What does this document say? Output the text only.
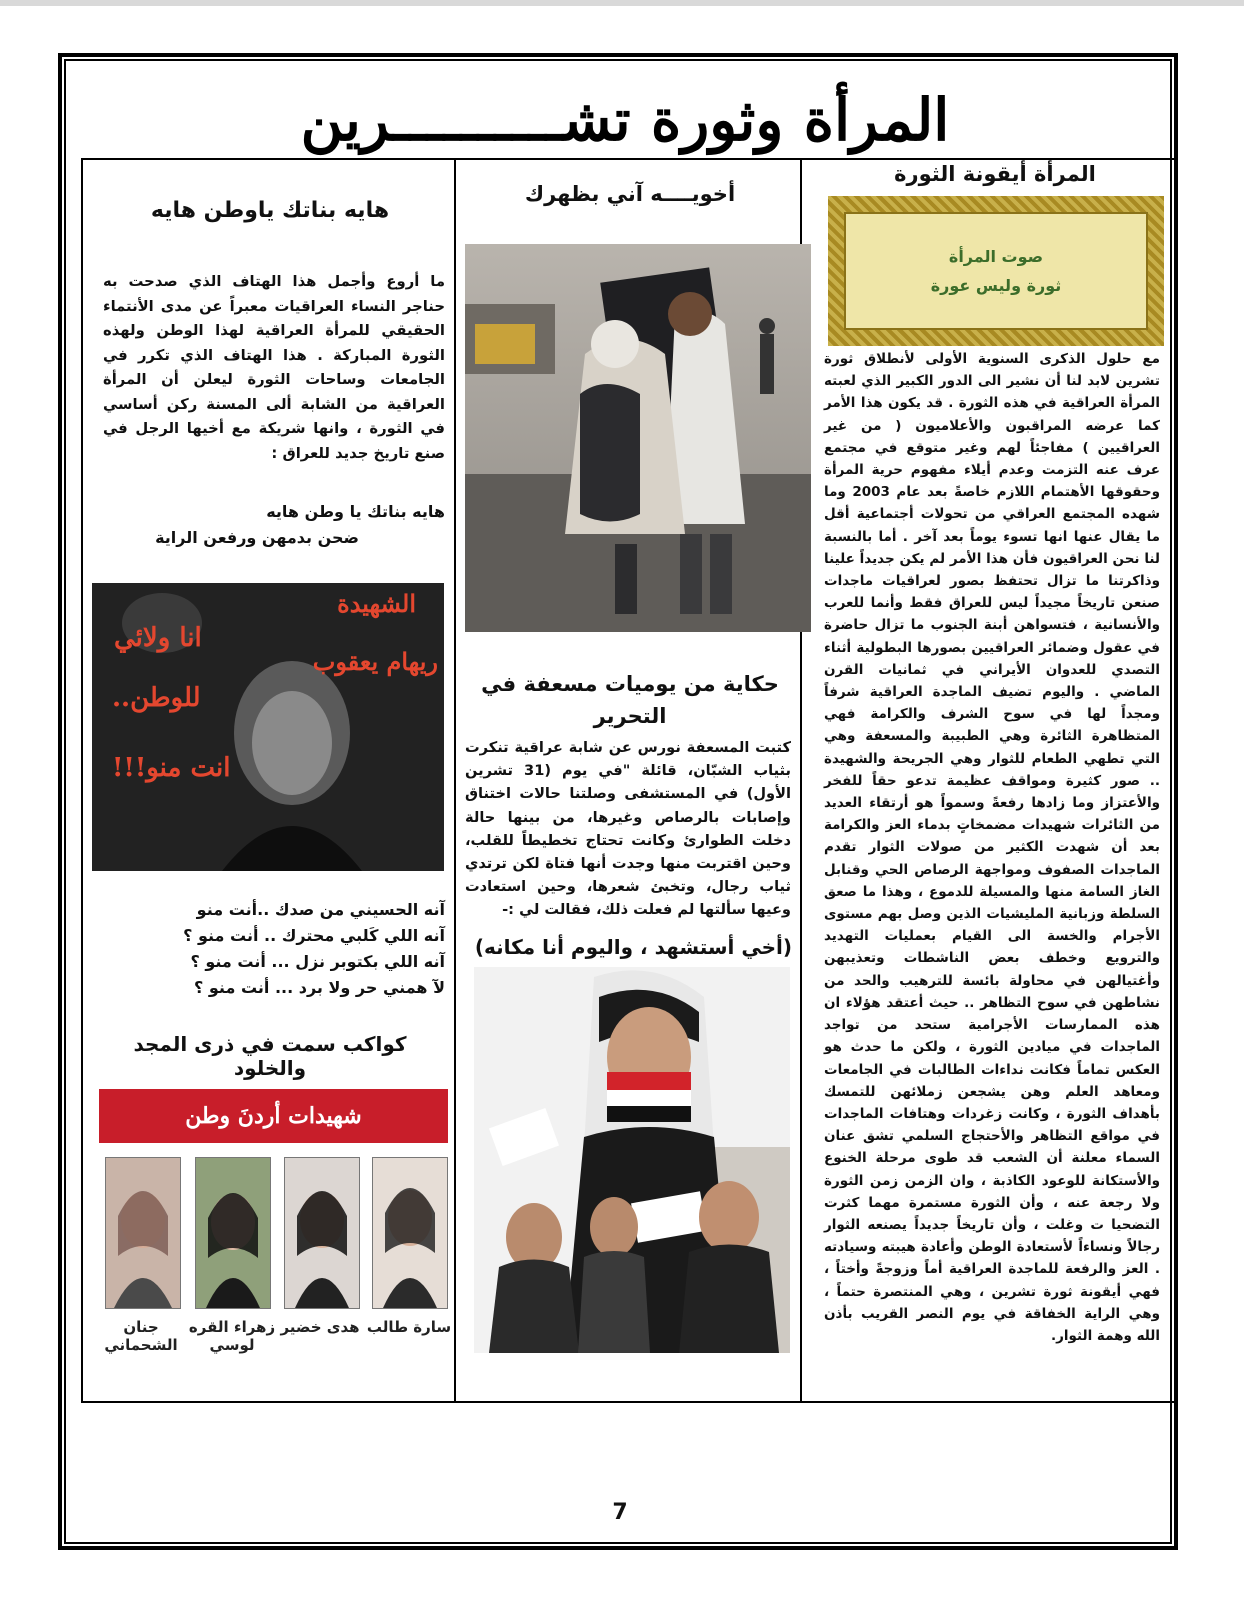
المرأة وثورة تشــــــــــرين
المرأة أيقونة الثورة
صوت المرأة
ثورة وليس عورة
مع حلول الذكرى السنوية الأولى لأنطلاق ثورة تشرين لابد لنا أن نشير الى الدور الكبير الذي لعبته المرأة العراقية في هذه الثورة . قد يكون هذا الأمر كما عرضه المراقبون والأعلاميون ( من غير العراقيين ) مفاجئاً لهم وغير متوقع في مجتمع عرف عنه التزمت وعدم أيلاء مفهوم حرية المرأة وحقوقها الأهتمام اللازم خاصةً بعد عام 2003 وما شهده المجتمع العراقي من تحولات أجتماعية أقل ما يقال عنها انها تسوء يوماً بعد آخر . أما بالنسبة لنا نحن العراقيون فأن هذا الأمر لم يكن جديداً علينا وذاكرتنا ما تزال تحتفظ بصور لعراقيات ماجدات صنعن تاريخاً مجيداً ليس للعراق فقط وأنما للعرب والأنسانية ، فتسواهن أبنة الجنوب ما تزال حاضرة في عقول وضمائر العراقيين بصورها البطولية أثناء التصدي للعدوان الأيراني في ثمانيات القرن الماضي . واليوم تضيف الماجدة العراقية شرفاً ومجداً لها في سوح الشرف والكرامة فهي المتظاهرة الثائرة وهي الطبيبة والمسعفة وهي التي تطهي الطعام للثوار وهي الجريحة والشهيدة .. صور كثيرة ومواقف عظيمة تدعو حقاً للفخر والأعتزاز وما زادها رفعةً وسمواً هو أرتقاء العديد من الثائرات شهيدات مضمخاتٍ بدماء العز والكرامة بعد أن شهدت الكثير من صولات الثوار تقدم الماجدات الصفوف ومواجهة الرصاص الحي وقنابل الغاز السامة منها والمسيلة للدموع ، وهذا ما صعق السلطة وزبانية المليشيات الذين وصل بهم مستوى الأجرام والخسة الى القيام بعمليات التهديد والترويع وخطف بعض الناشطات وتعذيبهن وأغتيالهن في محاولة بائسة للترهيب والحد من نشاطهن في سوح التظاهر .. حيث أعتقد هؤلاء ان هذه الممارسات الأجرامية ستحد من تواجد الماجدات في ميادين الثورة ، ولكن ما حدث هو العكس تماماً فكانت نداءات الطالبات في الجامعات ومعاهد العلم وهن يشجعن زملائهن للتمسك بأهداف الثورة ، وكانت زغردات وهتافات الماجدات في مواقع التظاهر والأحتجاج السلمي تشق عنان السماء معلنة أن الشعب قد طوى مرحلة الخنوع والأستكانة للوعود الكاذبة ، وان الزمن زمن الثورة ولا رجعة عنه ، وأن الثورة مستمرة مهما كثرت التضحيا ت وغلت ، وأن تاريخاً جديداً يصنعه الثوار رجالاً ونساءاً لأستعادة الوطن وأعادة هيبته وسيادته . العز والرفعة للماجدة العراقية أماً وزوجةً وأختاً ، فهي أيقونة ثورة تشرين ، وهي المنتصرة حتماً ، وهي الراية الخفاقة في يوم النصر القريب بأذن الله وهمة الثوار.
أخويــــه آني بظهرك
حكاية من يوميات مسعفة في التحرير
كتبت المسعفة نورس عن شابة عراقية تنكرت بثياب الشبّان، قائلة "في يوم (31 تشرين الأول) في المستشفى وصلتنا حالات اختناق وإصابات بالرصاص وغيرها، من بينها حالة دخلت الطوارئ وكانت تحتاج تخطيطاً للقلب، وحين اقتربت منها وجدت أنها فتاة لكن ترتدي ثياب رجال، وتخبئ شعرها، وحين استعادت وعيها سألتها لم فعلت ذلك، فقالت لي :-
(أخي أستشهد ، واليوم أنا مكانه)
هايه بناتك ياوطن هايه
ما أروع وأجمل هذا الهتاف الذي صدحت به حناجر النساء العراقيات معبراً عن مدى الأنتماء الحقيقي للمرأة العراقية لهذا الوطن ولهذه الثورة المباركة . هذا الهتاف الذي تكرر في الجامعات وساحات الثورة ليعلن أن المرأة العراقية من الشابة ألى المسنة ركن أساسي في الثورة ، وانها شريكة مع أخيها الرجل في صنع تاريخ جديد للعراق :
هايه بناتك يا وطن هايه
ضحن بدمهن ورفعن الراية
الشهيدة
ريهام يعقوب
انا ولائي
للوطن..
انت منو!!!
آنه الحسيني من صدك ..أنت منو
آنه اللي كَلبي محترك .. أنت منو ؟
آنه اللي بكتوبر نزل ... أنت منو ؟
لآ همني حر ولا برد ... أنت منو ؟
كواكب سمت في ذرى المجد والخلود
شهيدات أردنَ وطن
سارة طالب
هدى خضير
زهراء القره لوسي
جنان الشحماني
7
